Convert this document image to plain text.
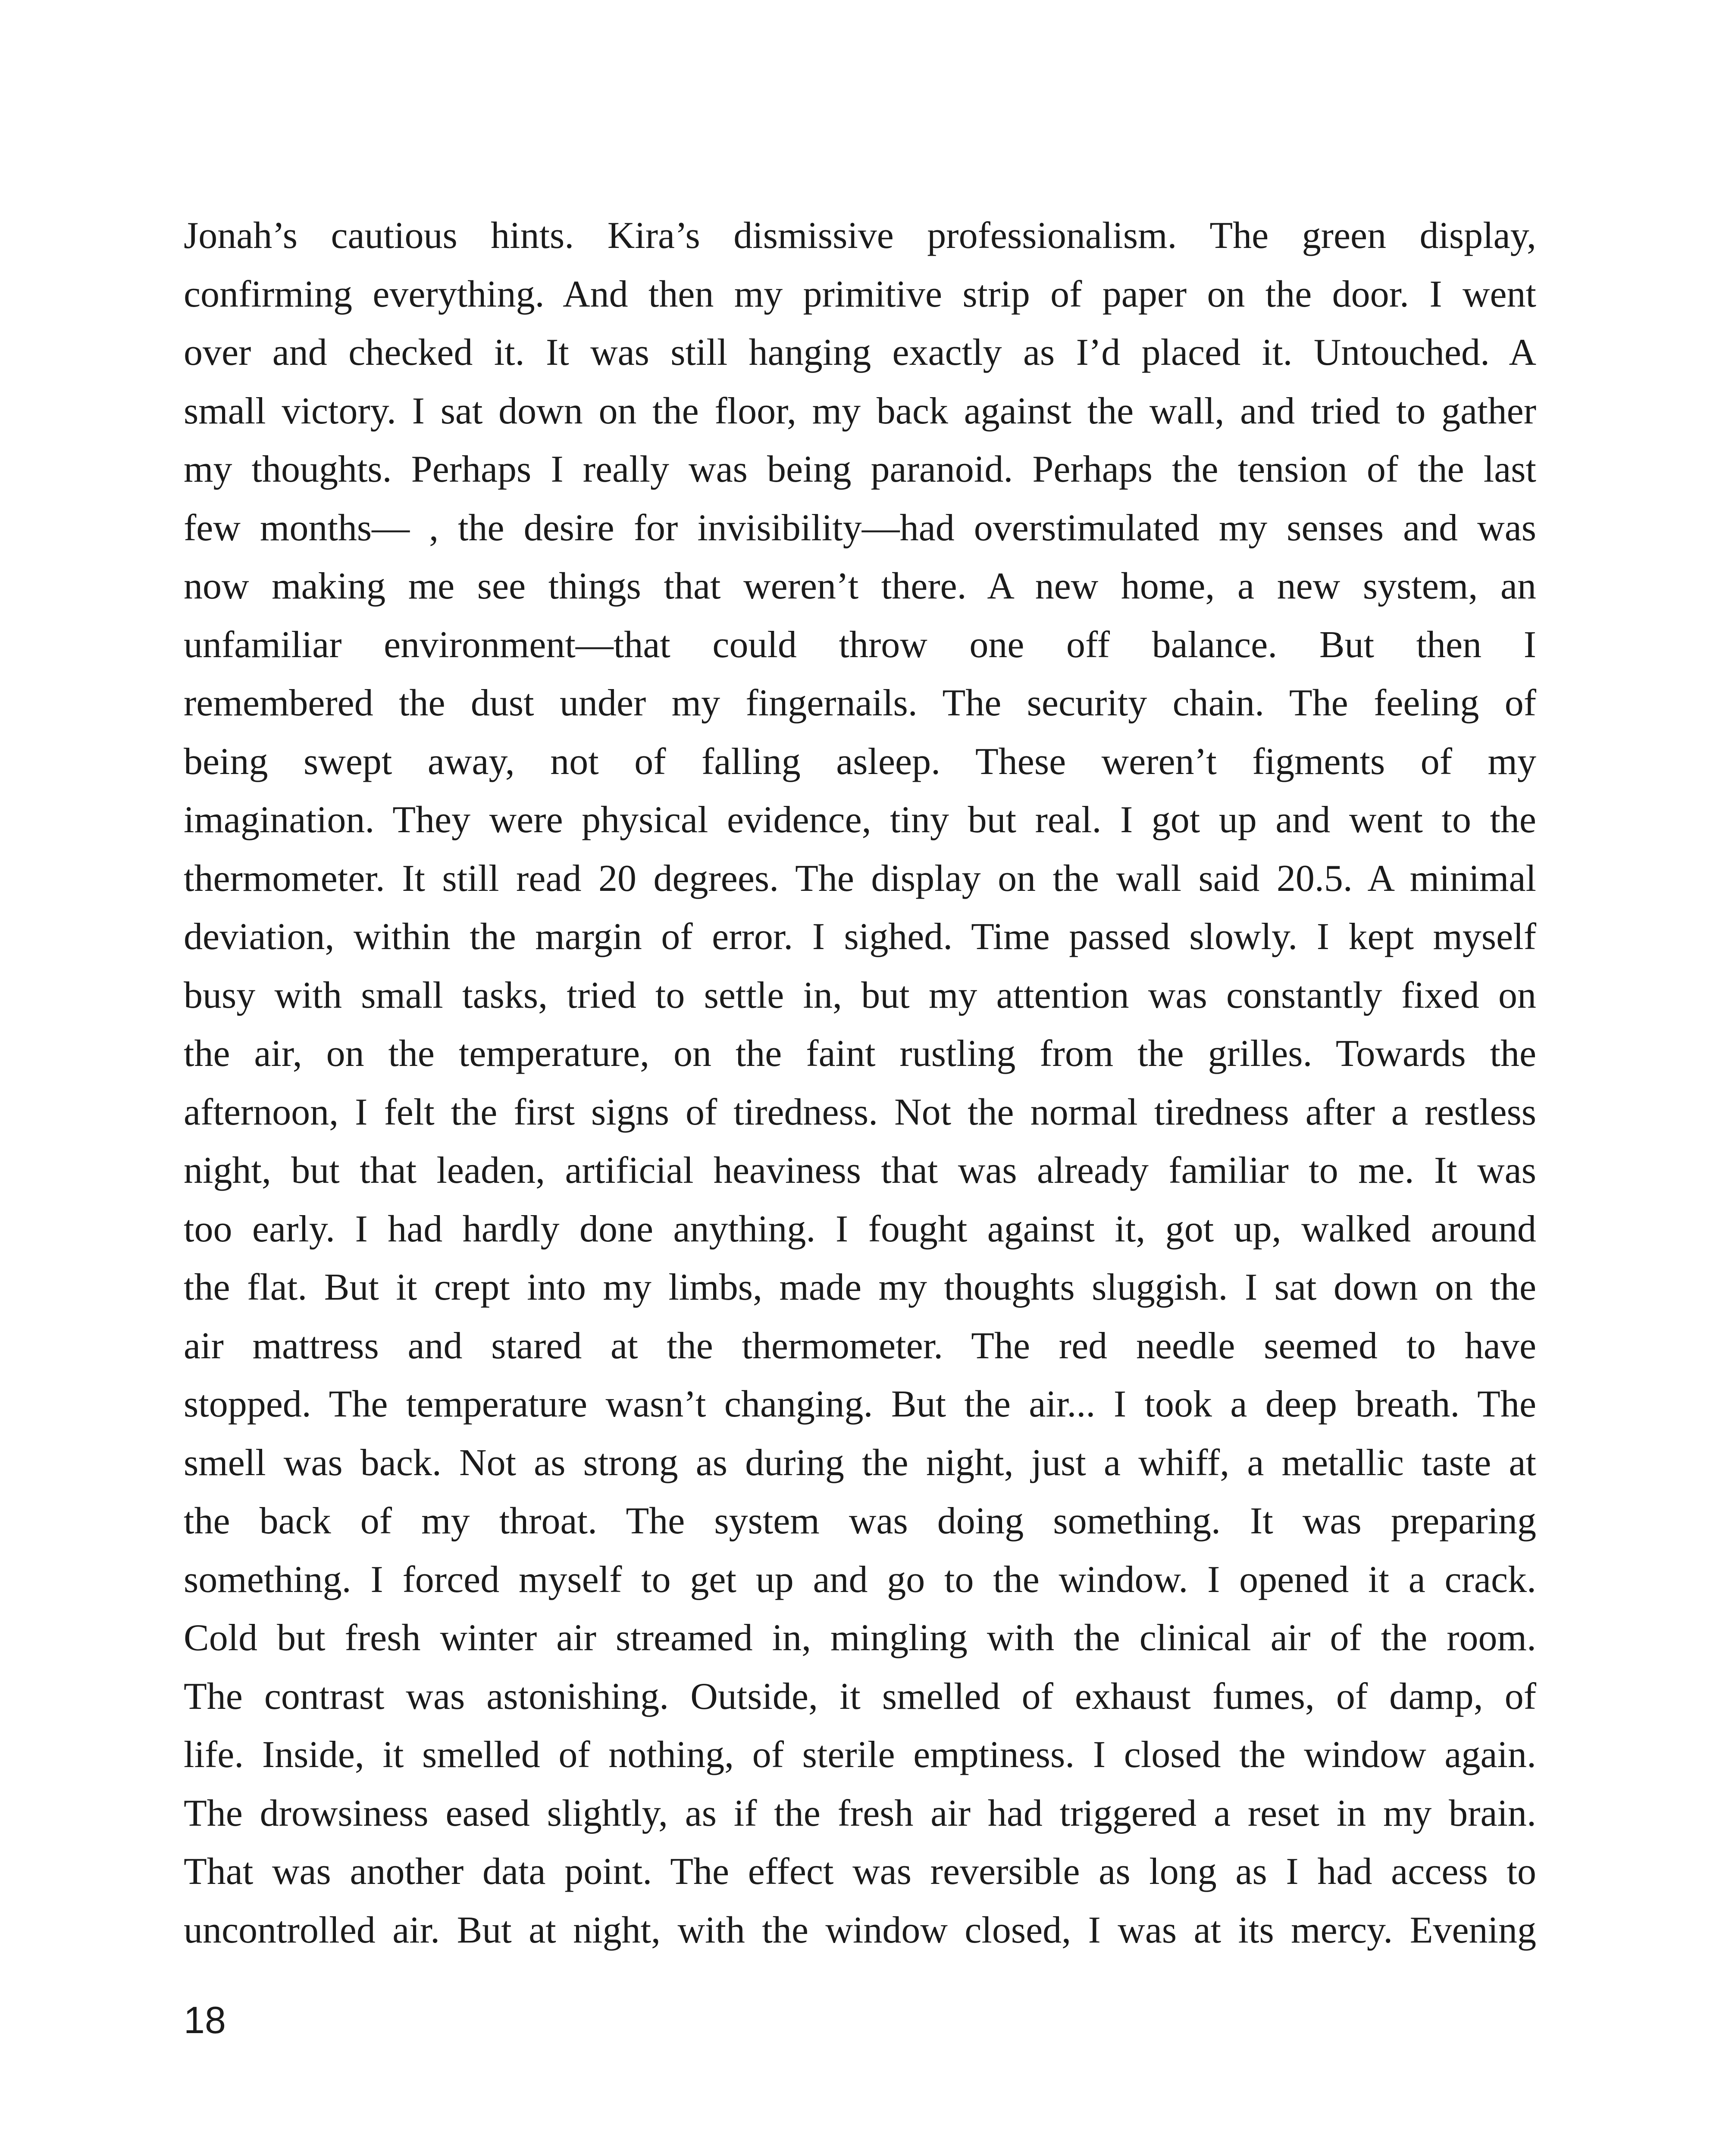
Jonah’s cautious hints. Kira’s dismissive professionalism. The green display,
confirming everything. And then my primitive strip of paper on the door. I went
over and checked it. It was still hanging exactly as I’d placed it. Untouched. A
small victory. I sat down on the floor, my back against the wall, and tried to gather
my thoughts. Perhaps I really was being paranoid. Perhaps the tension of the last
few months— , the desire for invisibility—had overstimulated my senses and was
now making me see things that weren’t there. A new home, a new system, an
unfamiliar environment—that could throw one off balance. But then I
remembered the dust under my fingernails. The security chain. The feeling of
being swept away, not of falling asleep. These weren’t figments of my
imagination. They were physical evidence, tiny but real. I got up and went to the
thermometer. It still read 20 degrees. The display on the wall said 20.5. A minimal
deviation, within the margin of error. I sighed. Time passed slowly. I kept myself
busy with small tasks, tried to settle in, but my attention was constantly fixed on
the air, on the temperature, on the faint rustling from the grilles. Towards the
afternoon, I felt the first signs of tiredness. Not the normal tiredness after a restless
night, but that leaden, artificial heaviness that was already familiar to me. It was
too early. I had hardly done anything. I fought against it, got up, walked around
the flat. But it crept into my limbs, made my thoughts sluggish. I sat down on the
air mattress and stared at the thermometer. The red needle seemed to have
stopped. The temperature wasn’t changing. But the air... I took a deep breath. The
smell was back. Not as strong as during the night, just a whiff, a metallic taste at
the back of my throat. The system was doing something. It was preparing
something. I forced myself to get up and go to the window. I opened it a crack.
Cold but fresh winter air streamed in, mingling with the clinical air of the room.
The contrast was astonishing. Outside, it smelled of exhaust fumes, of damp, of
life. Inside, it smelled of nothing, of sterile emptiness. I closed the window again.
The drowsiness eased slightly, as if the fresh air had triggered a reset in my brain.
That was another data point. The effect was reversible as long as I had access to
uncontrolled air. But at night, with the window closed, I was at its mercy. Evening
18
